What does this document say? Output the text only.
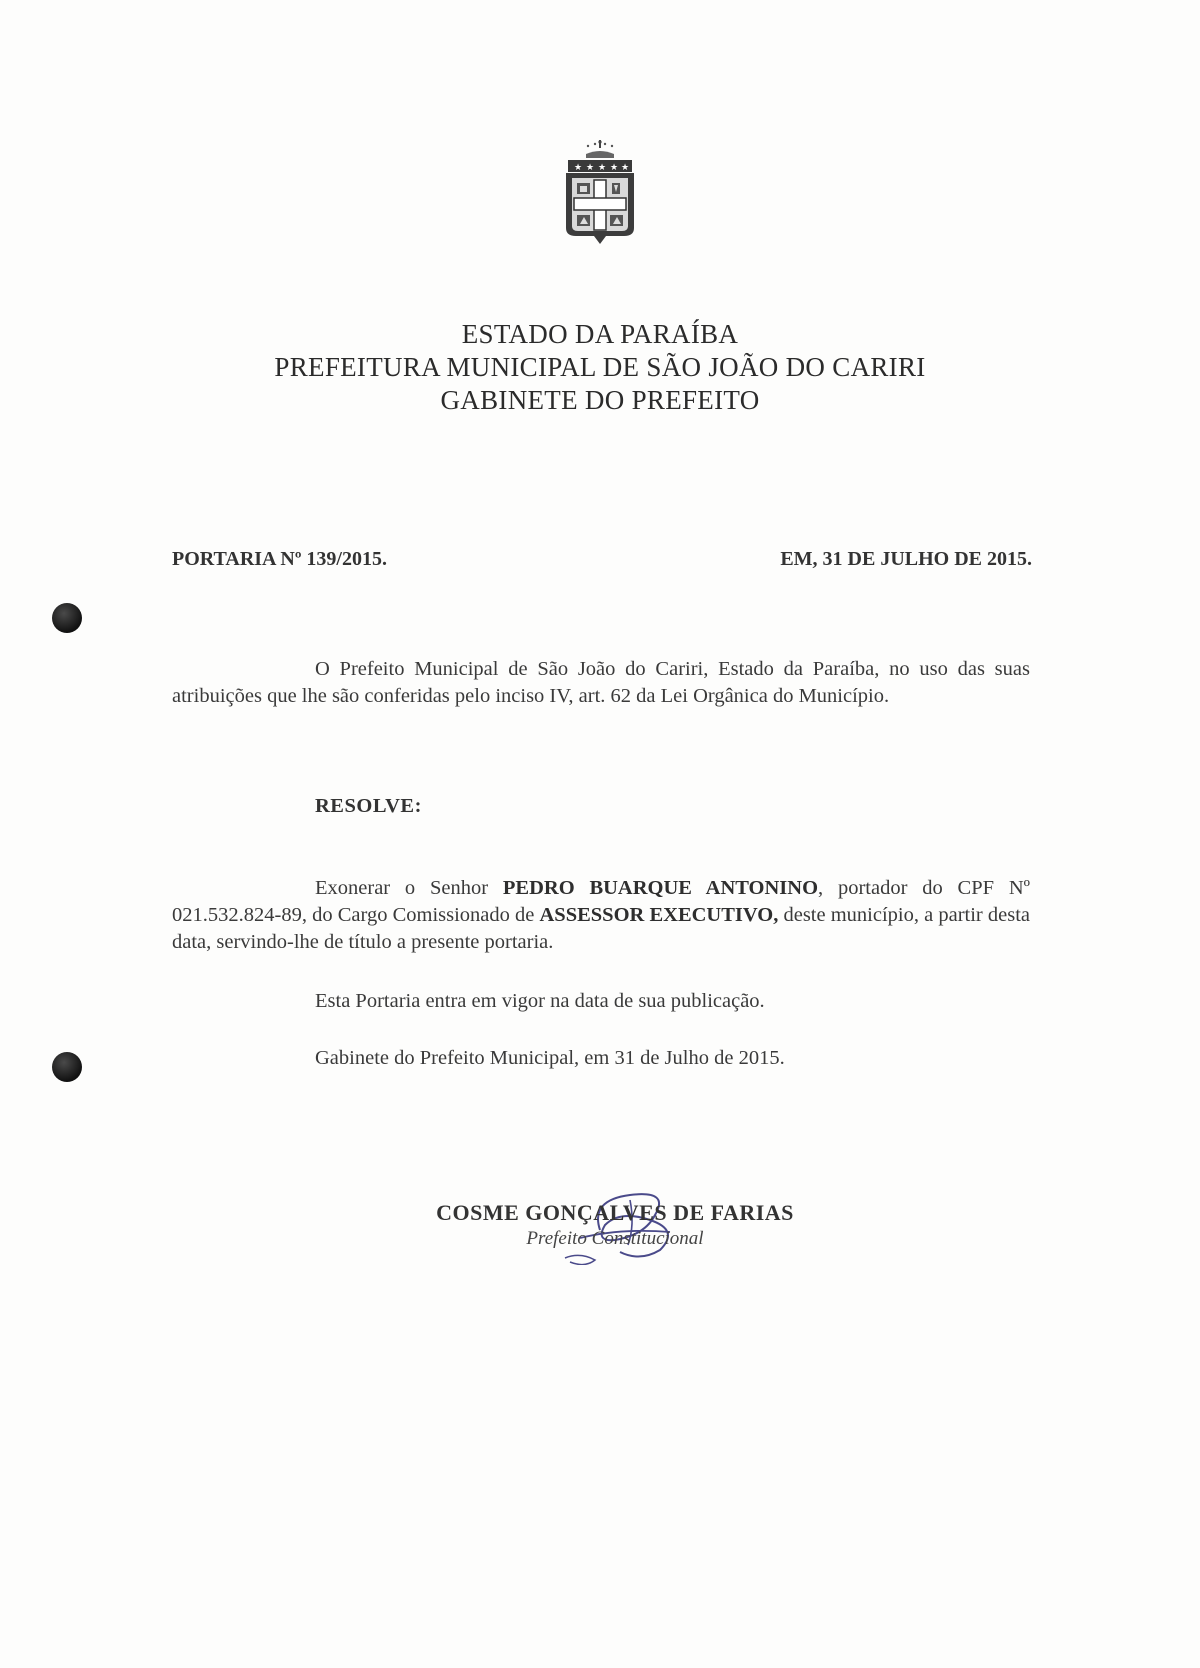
★ ★ ★ ★ ★
ESTADO DA PARAÍBA
PREFEITURA MUNICIPAL DE SÃO JOÃO DO CARIRI
GABINETE DO PREFEITO
PORTARIA Nº 139/2015.	EM, 31 DE JULHO DE 2015.
O Prefeito Municipal de São João do Cariri, Estado da Paraíba, no uso das suas atribuições que lhe são conferidas pelo inciso IV, art. 62 da Lei Orgânica do Município.
RESOLVE:
Exonerar o Senhor PEDRO BUARQUE ANTONINO, portador do CPF Nº 021.532.824-89, do Cargo Comissionado de ASSESSOR EXECUTIVO, deste município, a partir desta data, servindo-lhe de título a presente portaria.
Esta Portaria entra em vigor na data de sua publicação.
Gabinete do Prefeito Municipal, em 31 de Julho de 2015.
COSME GONÇALVES DE FARIAS
Prefeito Constitucional
